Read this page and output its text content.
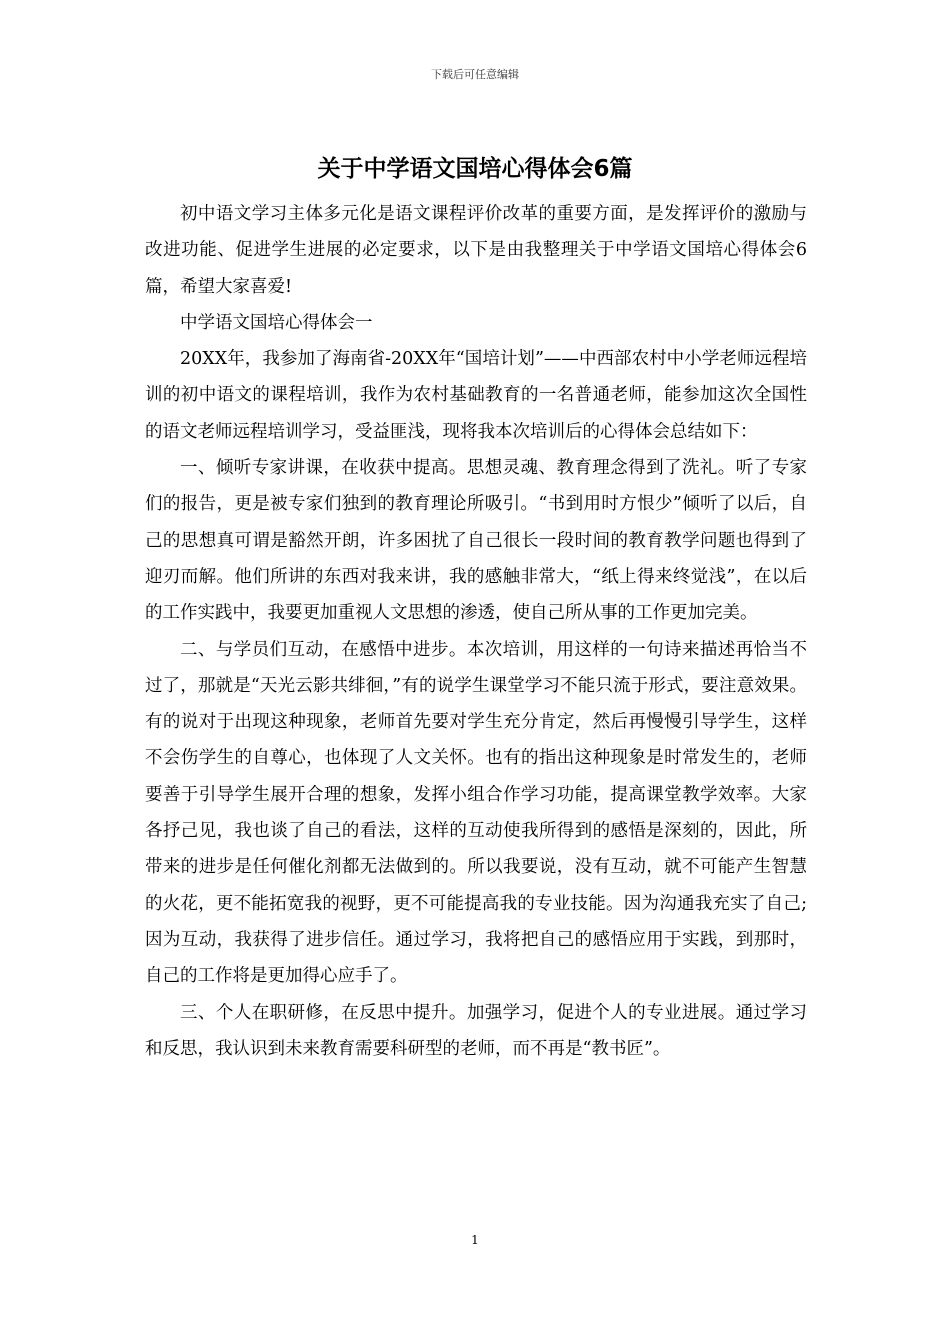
下载后可任意编辑
关于中学语文国培心得体会6篇

初中语文学习主体多元化是语文课程评价改革的重要方面，是发挥评价的激励与改进功能、促进学生进展的必定要求，以下是由我整理关于中学语文国培心得体会6篇，希望大家喜爱!

中学语文国培心得体会一

20XX年，我参加了海南省-20XX年“国培计划”——中西部农村中小学老师远程培训的初中语文的课程培训，我作为农村基础教育的一名普通老师，能参加这次全国性的语文老师远程培训学习，受益匪浅，现将我本次培训后的心得体会总结如下：

一、倾听专家讲课，在收获中提高。思想灵魂、教育理念得到了洗礼。听了专家们的报告，更是被专家们独到的教育理论所吸引。“书到用时方恨少”倾听了以后，自己的思想真可谓是豁然开朗，许多困扰了自己很长一段时间的教育教学问题也得到了迎刃而解。他们所讲的东西对我来讲，我的感触非常大，“纸上得来终觉浅”，在以后的工作实践中，我要更加重视人文思想的渗透，使自己所从事的工作更加完美。

二、与学员们互动，在感悟中进步。本次培训，用这样的一句诗来描述再恰当不过了，那就是“天光云影共绯徊，”有的说学生课堂学习不能只流于形式，要注意效果。有的说对于出现这种现象，老师首先要对学生充分肯定，然后再慢慢引导学生，这样不会伤学生的自尊心，也体现了人文关怀。也有的指出这种现象是时常发生的，老师要善于引导学生展开合理的想象，发挥小组合作学习功能，提高课堂教学效率。大家各抒己见，我也谈了自己的看法，这样的互动使我所得到的感悟是深刻的，因此，所带来的进步是任何催化剂都无法做到的。所以我要说，没有互动，就不可能产生智慧的火花，更不能拓宽我的视野，更不可能提高我的专业技能。因为沟通我充实了自己;因为互动，我获得了进步信任。通过学习，我将把自己的感悟应用于实践，到那时，自己的工作将是更加得心应手了。

三、个人在职研修，在反思中提升。加强学习，促进个人的专业进展。通过学习和反思，我认识到未来教育需要科研型的老师，而不再是“教书匠”。

1
